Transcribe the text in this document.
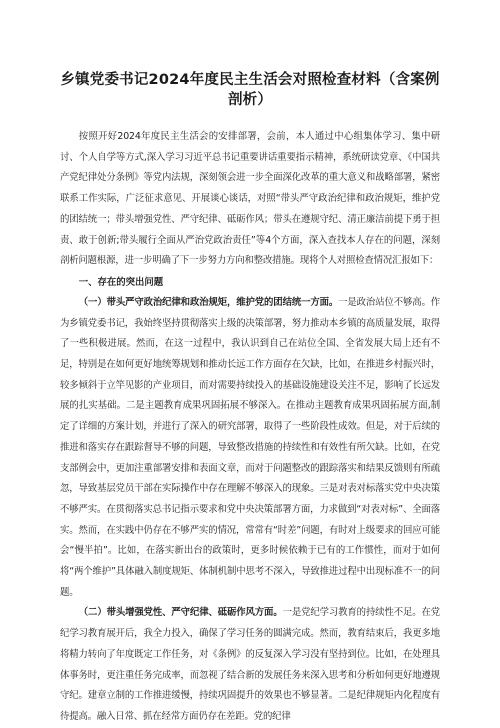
乡镇党委书记2024年度民主生活会对照检查材料（含案例剖析）

按照开好2024年度民主生活会的安排部署，会前，本人通过中心组集体学习、集中研讨、个人自学等方式,深入学习习近平总书记重要讲话重要指示精神，系统研读党章、《中国共产党纪律处分条例》等党内法规，深刻领会进一步全面深化改革的重大意义和战略部署，紧密联系工作实际，广泛征求意见、开展谈心谈话，对照“带头严守政治纪律和政治规矩，维护党的团结统一；带头增强党性、严守纪律、砥砺作风；带头在遵规守纪、清正廉洁前提下勇于担责、敢于创新;带头履行全面从严治党政治责任”等4个方面，深入查找本人存在的问题，深刻剖析问题根源，进一步明确了下一步努力方向和整改措施。现将个人对照检查情况汇报如下：

一、存在的突出问题

（一）带头严守政治纪律和政治规矩，维护党的团结统一方面。一是政治站位不够高。作为乡镇党委书记，我始终坚持贯彻落实上级的决策部署，努力推动本乡镇的高质量发展，取得了一些积极进展。然而，在这一过程中，我认识到自己在站位全国、全省发展大局上还有不足，特别是在如何更好地统筹规划和推动长远工作方面存在欠缺，比如，在推进乡村振兴时，较多倾斜于立竿见影的产业项目，而对需要持续投入的基础设施建设关注不足，影响了长远发展的扎实基础。二是主题教育成果巩固拓展不够深入。在推动主题教育成果巩固拓展方面,制定了详细的方案计划，并进行了深入的研究部署，取得了一些阶段性成效。但是，对于后续的推进和落实存在跟踪督导不够的问题，导致整改措施的持续性和有效性有所欠缺。比如，在党支部例会中，更加注重部署安排和表面文章，而对于问题整改的跟踪落实和结果反馈则有所疏忽，导致基层党员干部在实际操作中存在理解不够深入的现象。三是对表对标落实党中央决策不够严实。在贯彻落实总书记指示要求和党中央决策部署方面，力求做到“对表对标”、全面落实。然而，在实践中仍存在不够严实的情况，常常有“时差”问题，有时对上级要求的回应可能会“慢半拍”。比如，在落实新出台的政策时，更多时候依赖于已有的工作惯性，而对于如何将“两个维护”具体融入制度规矩、体制机制中思考不深入，导致推进过程中出现标准不一的问题。

（二）带头增强党性、严守纪律、砥砺作风方面。一是党纪学习教育的持续性不足。在党纪学习教育展开后，我全力投入，确保了学习任务的圆满完成。然而，教育结束后，我更多地将精力转向了年度既定工作任务，对《条例》的反复深入学习没有坚持到位。比如，在处理具体事务时，更注重任务完成率，而忽视了结合新的发展任务来深入思考和分析如何更好地遵规守纪。建章立制的工作推进缓慢，持续巩固提升的效果也不够显著。二是纪律规矩内化程度有待提高。融入日常、抓在经常方面仍存在差距。党的纪律
